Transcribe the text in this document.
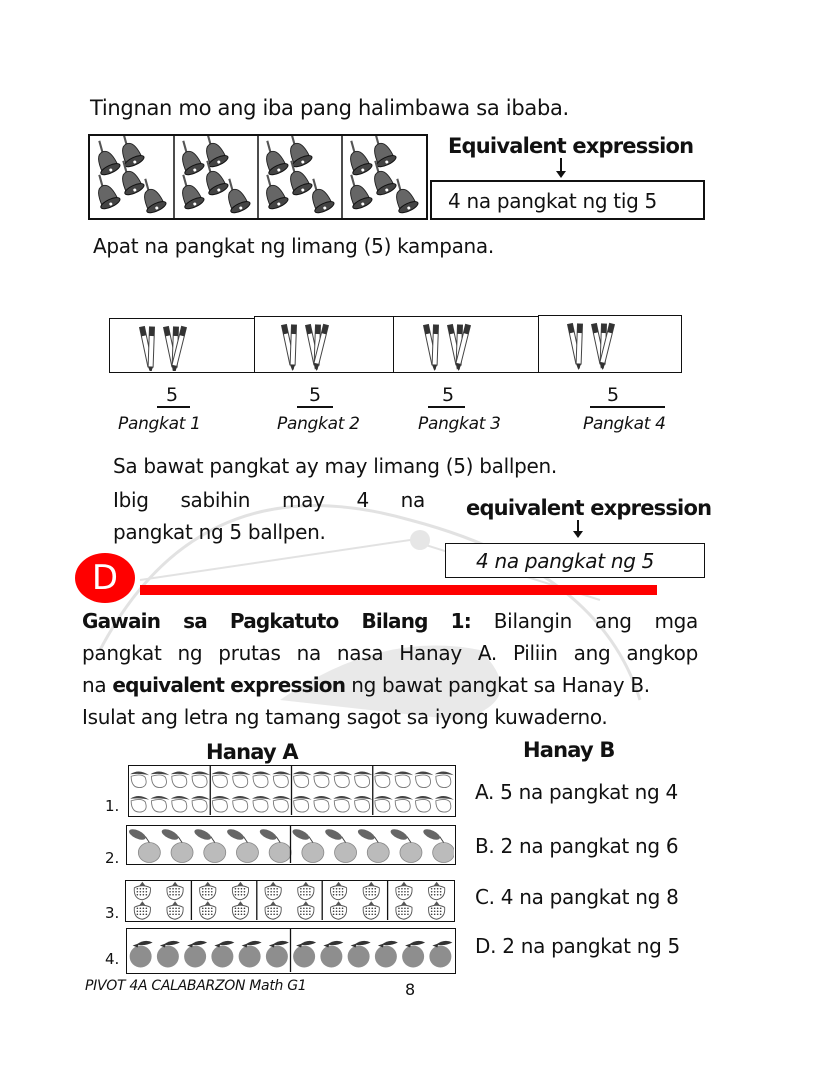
Tingnan mo ang iba pang halimbawa sa ibaba.
Equivalent expression
4 na pangkat ng tig 5
Apat na pangkat ng limang (5) kampana.
5
Pangkat 1
5
Pangkat 2
5
Pangkat 3
5
Pangkat 4
Sa bawat pangkat ay may limang (5) ballpen.
Ibig sabihin may 4 na
pangkat ng 5 ballpen.
equivalent expression
4 na pangkat ng 5
D
Gawain sa Pagkatuto Bilang 1: Bilangin ang mga
pangkat ng prutas na nasa Hanay A. Piliin ang angkop
na equivalent expression ng bawat pangkat sa Hanay B.
Isulat ang letra ng tamang sagot sa iyong kuwaderno.
Hanay A
1.
2.
3.
4.
Hanay B
A. 5 na pangkat ng 4
B. 2 na pangkat ng 6
C. 4 na pangkat ng 8
D. 2 na pangkat ng 5
PIVOT 4A CALABARZON Math G1	8
